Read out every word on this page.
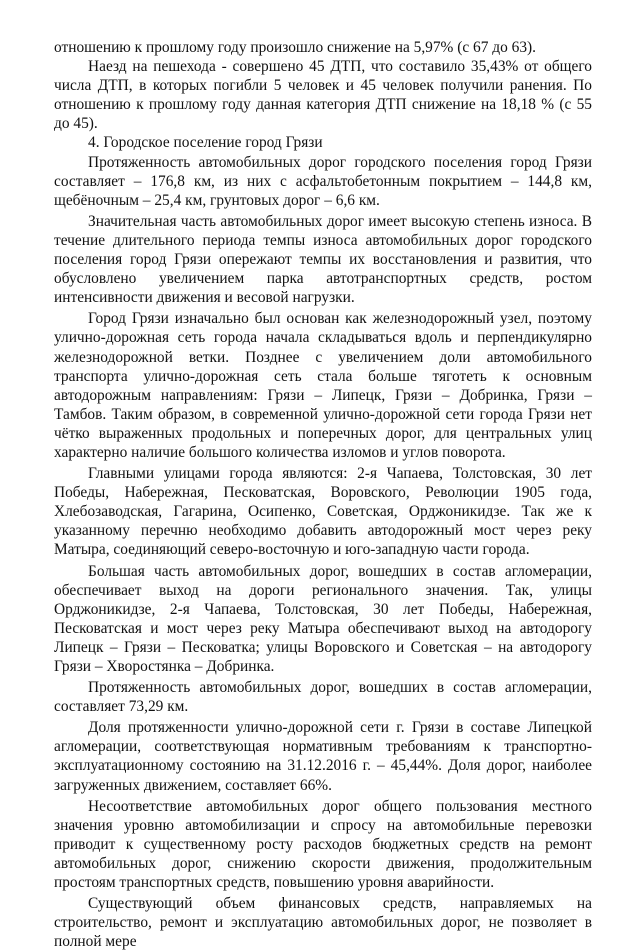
отношению к прошлому году произошло снижение на 5,97% (с 67 до 63).

Наезд на пешехода - совершено 45 ДТП, что составило 35,43% от общего числа ДТП, в которых погибли 5 человек и 45 человек получили ранения. По отношению к прошлому году данная категория ДТП снижение на 18,18 % (с 55 до 45).

4. Городское поселение город Грязи

Протяженность автомобильных дорог городского поселения город Грязи составляет – 176,8 км, из них с асфальтобетонным покрытием – 144,8 км, щебёночным – 25,4 км, грунтовых дорог – 6,6 км.

Значительная часть автомобильных дорог имеет высокую степень износа. В течение длительного периода темпы износа автомобильных дорог городского поселения город Грязи опережают темпы их восстановления и развития, что обусловлено увеличением парка автотранспортных средств, ростом интенсивности движения и весовой нагрузки.

Город Грязи изначально был основан как железнодорожный узел, поэтому улично-дорожная сеть города начала складываться вдоль и перпендикулярно железнодорожной ветки. Позднее с увеличением доли автомобильного транспорта улично-дорожная сеть стала больше тяготеть к основным автодорожным направлениям: Грязи – Липецк, Грязи – Добринка, Грязи – Тамбов. Таким образом, в современной улично-дорожной сети города Грязи нет чётко выраженных продольных и поперечных дорог, для центральных улиц характерно наличие большого количества изломов и углов поворота.

Главными улицами города являются: 2-я Чапаева, Толстовская, 30 лет Победы, Набережная, Песковатская, Воровского, Революции 1905 года, Хлебозаводская, Гагарина, Осипенко, Советская, Орджоникидзе. Так же к указанному перечню необходимо добавить автодорожный мост через реку Матыра, соединяющий северо-восточную и юго-западную части города.

Большая часть автомобильных дорог, вошедших в состав агломерации, обеспечивает выход на дороги регионального значения. Так, улицы Орджоникидзе, 2-я Чапаева, Толстовская, 30 лет Победы, Набережная, Песковатская и мост через реку Матыра обеспечивают выход на автодорогу Липецк – Грязи – Песковатка; улицы Воровского и Советская – на автодорогу Грязи – Хворостянка – Добринка.

Протяженность автомобильных дорог, вошедших в состав агломерации, составляет 73,29 км.

Доля протяженности улично-дорожной сети г. Грязи в составе Липецкой агломерации, соответствующая нормативным требованиям к транспортно-эксплуатационному состоянию на 31.12.2016 г. – 45,44%. Доля дорог, наиболее загруженных движением, составляет 66%.

Несоответствие автомобильных дорог общего пользования местного значения уровню автомобилизации и спросу на автомобильные перевозки приводит к существенному росту расходов бюджетных средств на ремонт автомобильных дорог, снижению скорости движения, продолжительным простоям транспортных средств, повышению уровня аварийности.

Существующий объем финансовых средств, направляемых на строительство, ремонт и эксплуатацию автомобильных дорог, не позволяет в полной мере
